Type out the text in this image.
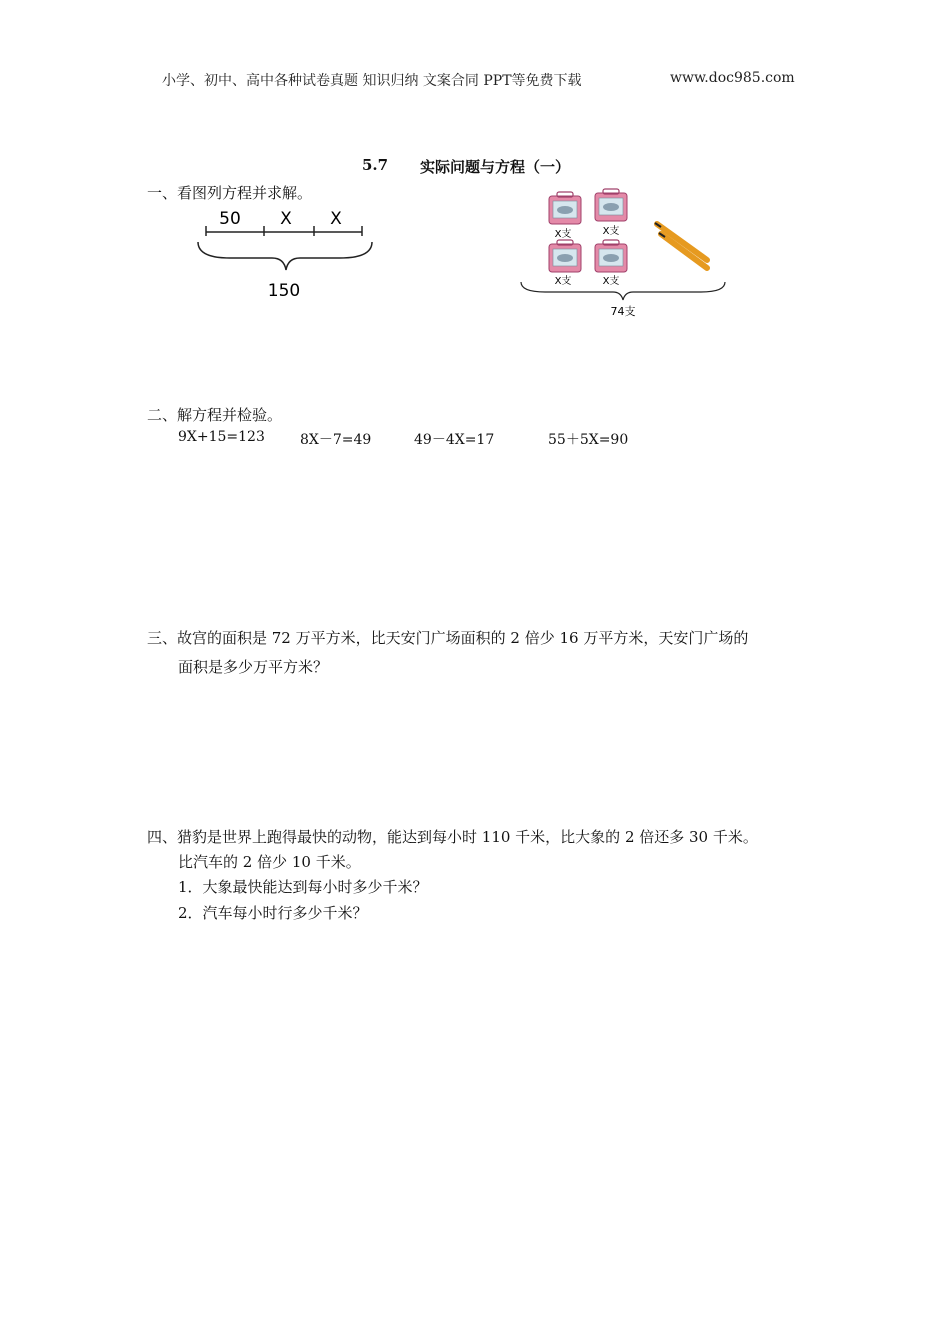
小学、初中、高中各种试卷真题 知识归纳 文案合同 PPT等免费下载	www.doc985.com
5.7 实际问题与方程（一）
一、看图列方程并求解。
50 X X
150
X支	X支
X支	X支
74支
二、解方程并检验。
9X+15=123	8X－7=49	49－4X=17	55＋5X=90
三、故宫的面积是 72 万平方米，比天安门广场面积的 2 倍少 16 万平方米，天安门广场的
面积是多少万平方米？
四、猎豹是世界上跑得最快的动物，能达到每小时 110 千米，比大象的 2 倍还多 30 千米。
比汽车的 2 倍少 10 千米。
1．大象最快能达到每小时多少千米？
2．汽车每小时行多少千米？
